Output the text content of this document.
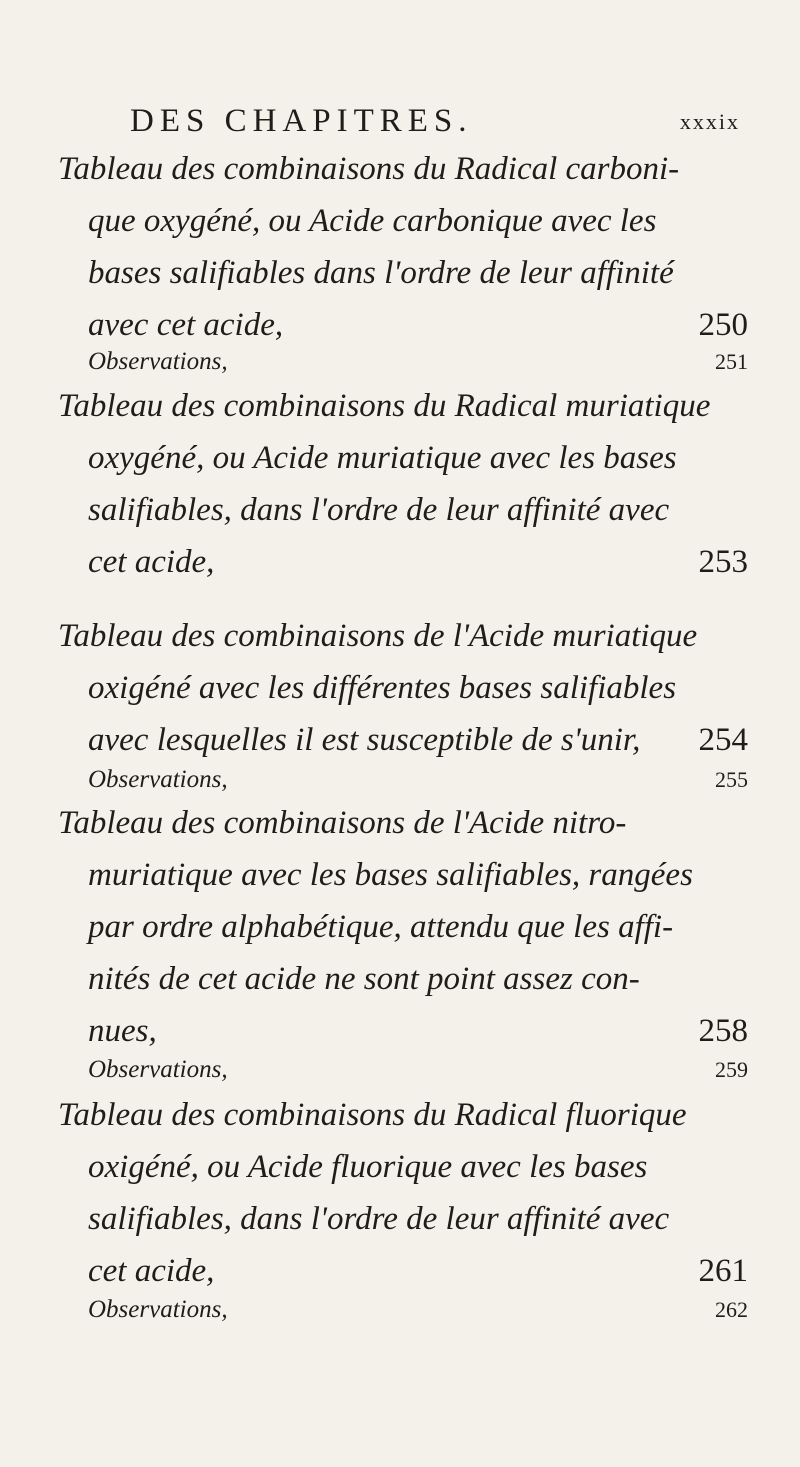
DES CHAPITRES.	xxxix
Tableau des combinaisons du Radical carboni-
que oxygéné, ou Acide carbonique avec les
bases salifiables dans l'ordre de leur affinité
avec cet acide,	250
Observations,	251
Tableau des combinaisons du Radical muriatique
oxygéné, ou Acide muriatique avec les bases
salifiables, dans l'ordre de leur affinité avec
cet acide,	253
Tableau des combinaisons de l'Acide muriatique
oxigéné avec les différentes bases salifiables
avec lesquelles il est susceptible de s'unir, 254
Observations,	255
Tableau des combinaisons de l'Acide nitro-
muriatique avec les bases salifiables, rangées
par ordre alphabétique, attendu que les affi-
nités de cet acide ne sont point assez con-
nues,	258
Observations,	259
Tableau des combinaisons du Radical fluorique
oxigéné, ou Acide fluorique avec les bases
salifiables, dans l'ordre de leur affinité avec
cet acide,	261
Observations,	262
